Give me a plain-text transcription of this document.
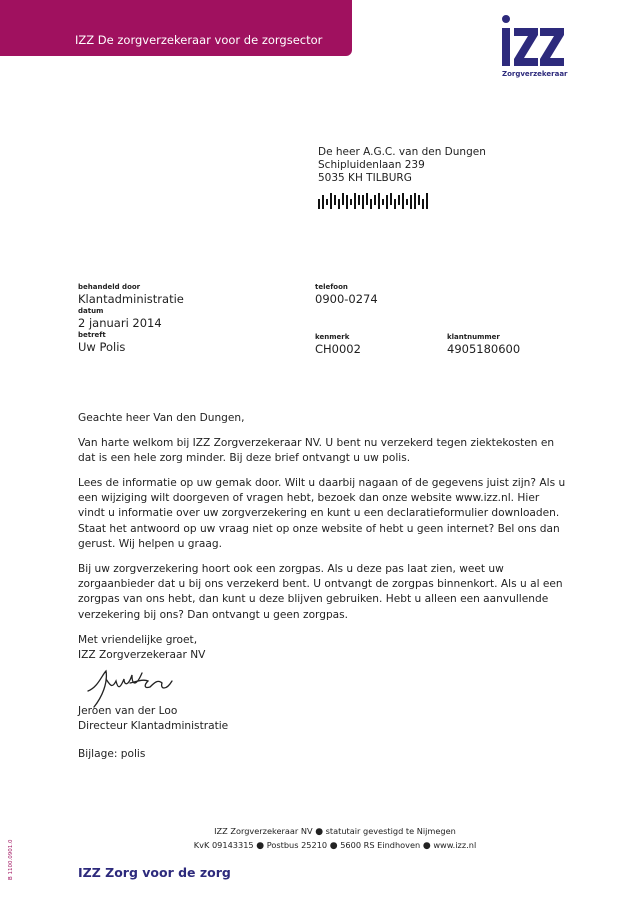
IZZ De zorgverzekeraar voor de zorgsector
IZZ
Zorgverzekeraar
De heer A.G.C. van den Dungen
Schipluidenlaan 239
5035 KH TILBURG
behandeld door
Klantadministratie
telefoon
0900-0274
datum
2 januari 2014
betreft
Uw Polis
kenmerk
CH0002
klantnummer
4905180600

Geachte heer Van den Dungen,

Van harte welkom bij IZZ Zorgverzekeraar NV. U bent nu verzekerd tegen ziektekosten en dat is een hele zorg minder. Bij deze brief ontvangt u uw polis.

Lees de informatie op uw gemak door. Wilt u daarbij nagaan of de gegevens juist zijn? Als u een wijziging wilt doorgeven of vragen hebt, bezoek dan onze website www.izz.nl. Hier vindt u informatie over uw zorgverzekering en kunt u een declaratieformulier downloaden. Staat het antwoord op uw vraag niet op onze website of hebt u geen internet? Bel ons dan gerust. Wij helpen u graag.

Bij uw zorgverzekering hoort ook een zorgpas. Als u deze pas laat zien, weet uw zorgaanbieder dat u bij ons verzekerd bent. U ontvangt de zorgpas binnenkort. Als u al een zorgpas van ons hebt, dan kunt u deze blijven gebruiken. Hebt u alleen een aanvullende verzekering bij ons? Dan ontvangt u geen zorgpas.

Met vriendelijke groet,
IZZ Zorgverzekeraar NV
Jeroen van der Loo
Directeur Klantadministratie
Bijlage: polis
IZZ Zorgverzekeraar NV ● statutair gevestigd te Nijmegen
KvK 09143315 ● Postbus 25210 ● 5600 RS Eindhoven ● www.izz.nl
IZZ Zorg voor de zorg
B 1100.0901.0
